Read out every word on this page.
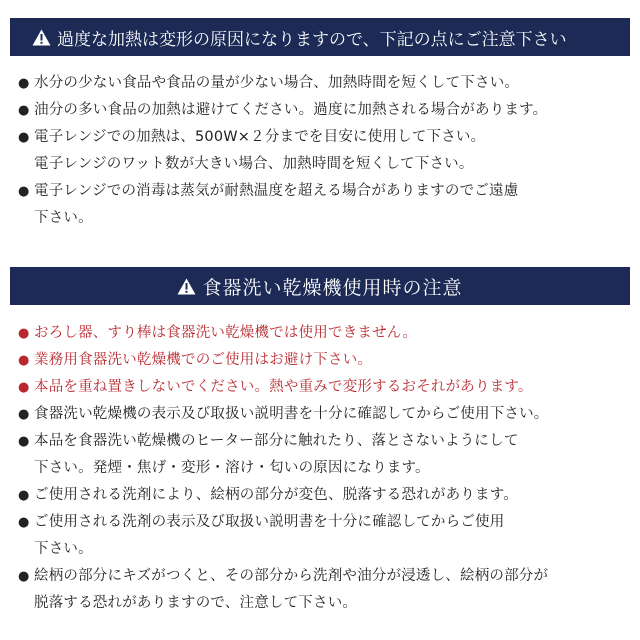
過度な加熱は変形の原因になりますので、下記の点にご注意下さい
● 水分の少ない食品や食品の量が少ない場合、加熱時間を短くして下さい。
● 油分の多い食品の加熱は避けてください。過度に加熱される場合があります。
● 電子レンジでの加熱は、500W×２分までを目安に使用して下さい。
電子レンジのワット数が大きい場合、加熱時間を短くして下さい。
● 電子レンジでの消毒は蒸気が耐熱温度を超える場合がありますのでご遠慮
下さい。
食器洗い乾燥機使用時の注意
● おろし器、すり棒は食器洗い乾燥機では使用できません。
● 業務用食器洗い乾燥機でのご使用はお避け下さい。
● 本品を重ね置きしないでください。熱や重みで変形するおそれがあります。
● 食器洗い乾燥機の表示及び取扱い説明書を十分に確認してからご使用下さい。
● 本品を食器洗い乾燥機のヒーター部分に触れたり、落とさないようにして
下さい。発煙・焦げ・変形・溶け・匂いの原因になります。
● ご使用される洗剤により、絵柄の部分が変色、脱落する恐れがあります。
● ご使用される洗剤の表示及び取扱い説明書を十分に確認してからご使用
下さい。
● 絵柄の部分にキズがつくと、その部分から洗剤や油分が浸透し、絵柄の部分が
脱落する恐れがありますので、注意して下さい。
